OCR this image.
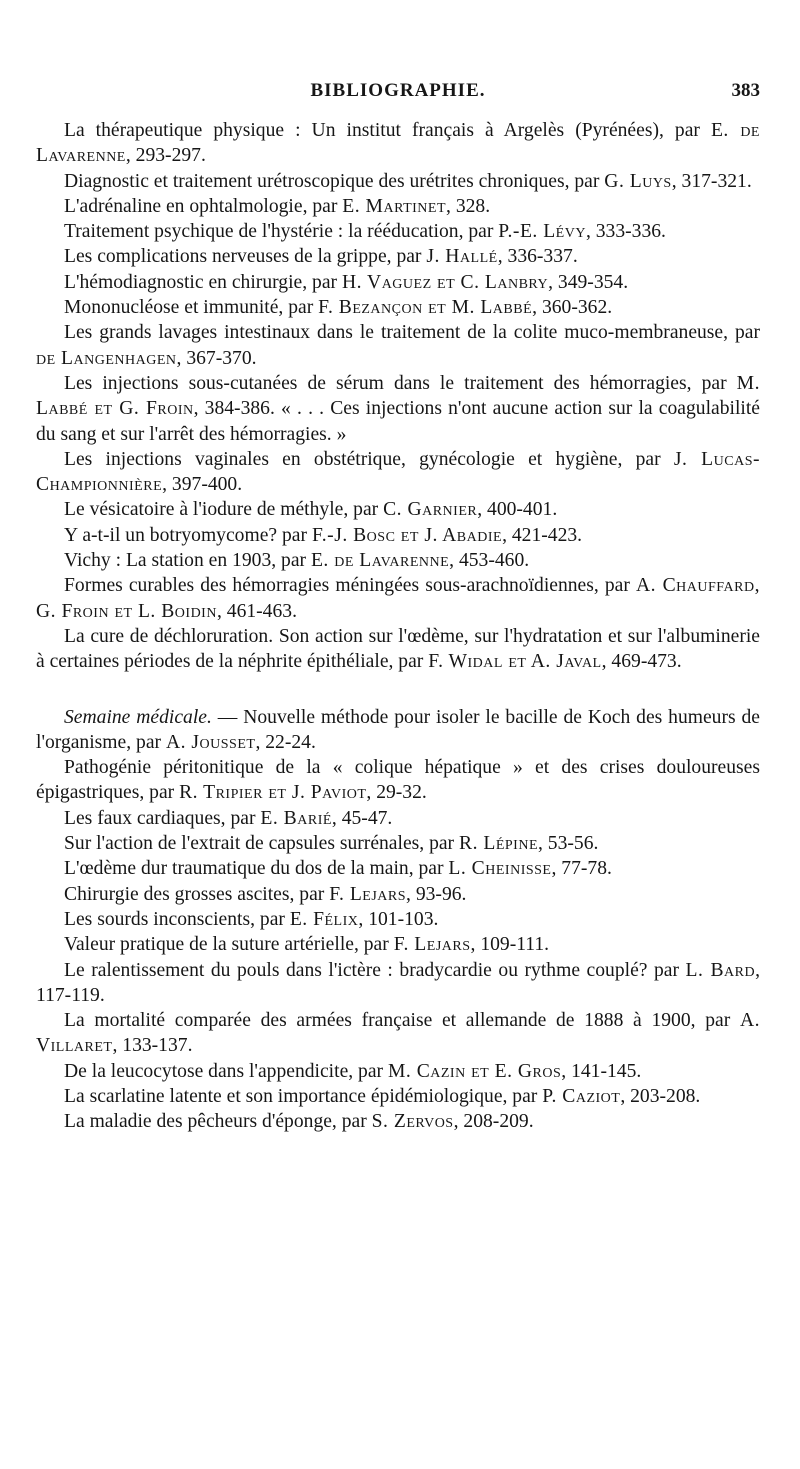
BIBLIOGRAPHIE.	383

La thérapeutique physique : Un institut français à Argelès (Pyrénées), par E. de Lavarenne, 293-297.

Diagnostic et traitement urétroscopique des urétrites chroniques, par G. Luys, 317-321.

L'adrénaline en ophtalmologie, par E. Martinet, 328.

Traitement psychique de l'hystérie : la rééducation, par P.-E. Lévy, 333-336.

Les complications nerveuses de la grippe, par J. Hallé, 336-337.

L'hémodiagnostic en chirurgie, par H. Vaguez et C. Lanbry, 349-354.

Mononucléose et immunité, par F. Bezançon et M. Labbé, 360-362.

Les grands lavages intestinaux dans le traitement de la colite muco-membraneuse, par de Langenhagen, 367-370.

Les injections sous-cutanées de sérum dans le traitement des hémorragies, par M. Labbé et G. Froin, 384-386. « . . . Ces injections n'ont aucune action sur la coagulabilité du sang et sur l'arrêt des hémorragies. »

Les injections vaginales en obstétrique, gynécologie et hygiène, par J. Lucas-Championnière, 397-400.

Le vésicatoire à l'iodure de méthyle, par C. Garnier, 400-401.

Y a-t-il un botryomycome? par F.-J. Bosc et J. Abadie, 421-423.

Vichy : La station en 1903, par E. de Lavarenne, 453-460.

Formes curables des hémorragies méningées sous-arachnoïdiennes, par A. Chauffard, G. Froin et L. Boidin, 461-463.

La cure de déchloruration. Son action sur l'œdème, sur l'hydratation et sur l'albuminerie à certaines périodes de la néphrite épithéliale, par F. Widal et A. Javal, 469-473.

Semaine médicale. — Nouvelle méthode pour isoler le bacille de Koch des humeurs de l'organisme, par A. Jousset, 22-24.

Pathogénie péritonitique de la « colique hépatique » et des crises douloureuses épigastriques, par R. Tripier et J. Paviot, 29-32.

Les faux cardiaques, par E. Barié, 45-47.

Sur l'action de l'extrait de capsules surrénales, par R. Lépine, 53-56.

L'œdème dur traumatique du dos de la main, par L. Cheinisse, 77-78.

Chirurgie des grosses ascites, par F. Lejars, 93-96.

Les sourds inconscients, par E. Félix, 101-103.

Valeur pratique de la suture artérielle, par F. Lejars, 109-111.

Le ralentissement du pouls dans l'ictère : bradycardie ou rythme couplé? par L. Bard, 117-119.

La mortalité comparée des armées française et allemande de 1888 à 1900, par A. Villaret, 133-137.

De la leucocytose dans l'appendicite, par M. Cazin et E. Gros, 141-145.

La scarlatine latente et son importance épidémiologique, par P. Caziot, 203-208.

La maladie des pêcheurs d'éponge, par S. Zervos, 208-209.
